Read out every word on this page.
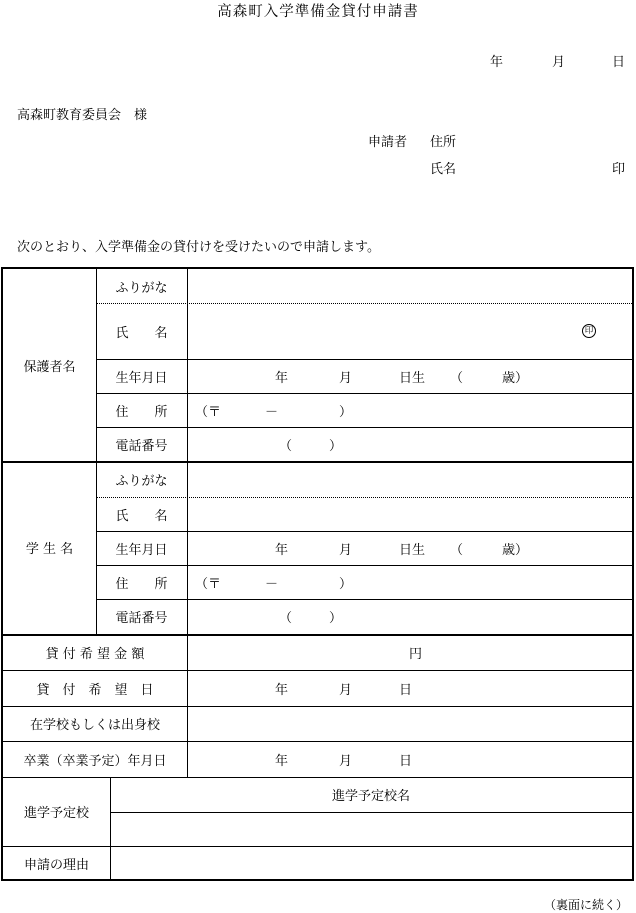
高森町入学準備金貸付申請書
年	月	日
高森町教育委員会　様
申請者 住所
氏名	印
次のとおり、入学準備金の貸付けを受けたいので申請します。
保護者名
ふりがな
氏　　名	印
生年月日	年	月	日生 （	歳）
住　　所	（〒	－	）
電話番号	（	）
学 生 名
ふりがな
氏　　名
生年月日	年	月	日生 （	歳）
住　　所	（〒	－	）
電話番号	（	）
貸 付 希 望 金 額	円
貸　付　希　望　日	年	月	日
在学校もしくは出身校
卒業（卒業予定）年月日	年	月	日
進学予定校
進学予定校名
申請の理由
（裏面に続く）
